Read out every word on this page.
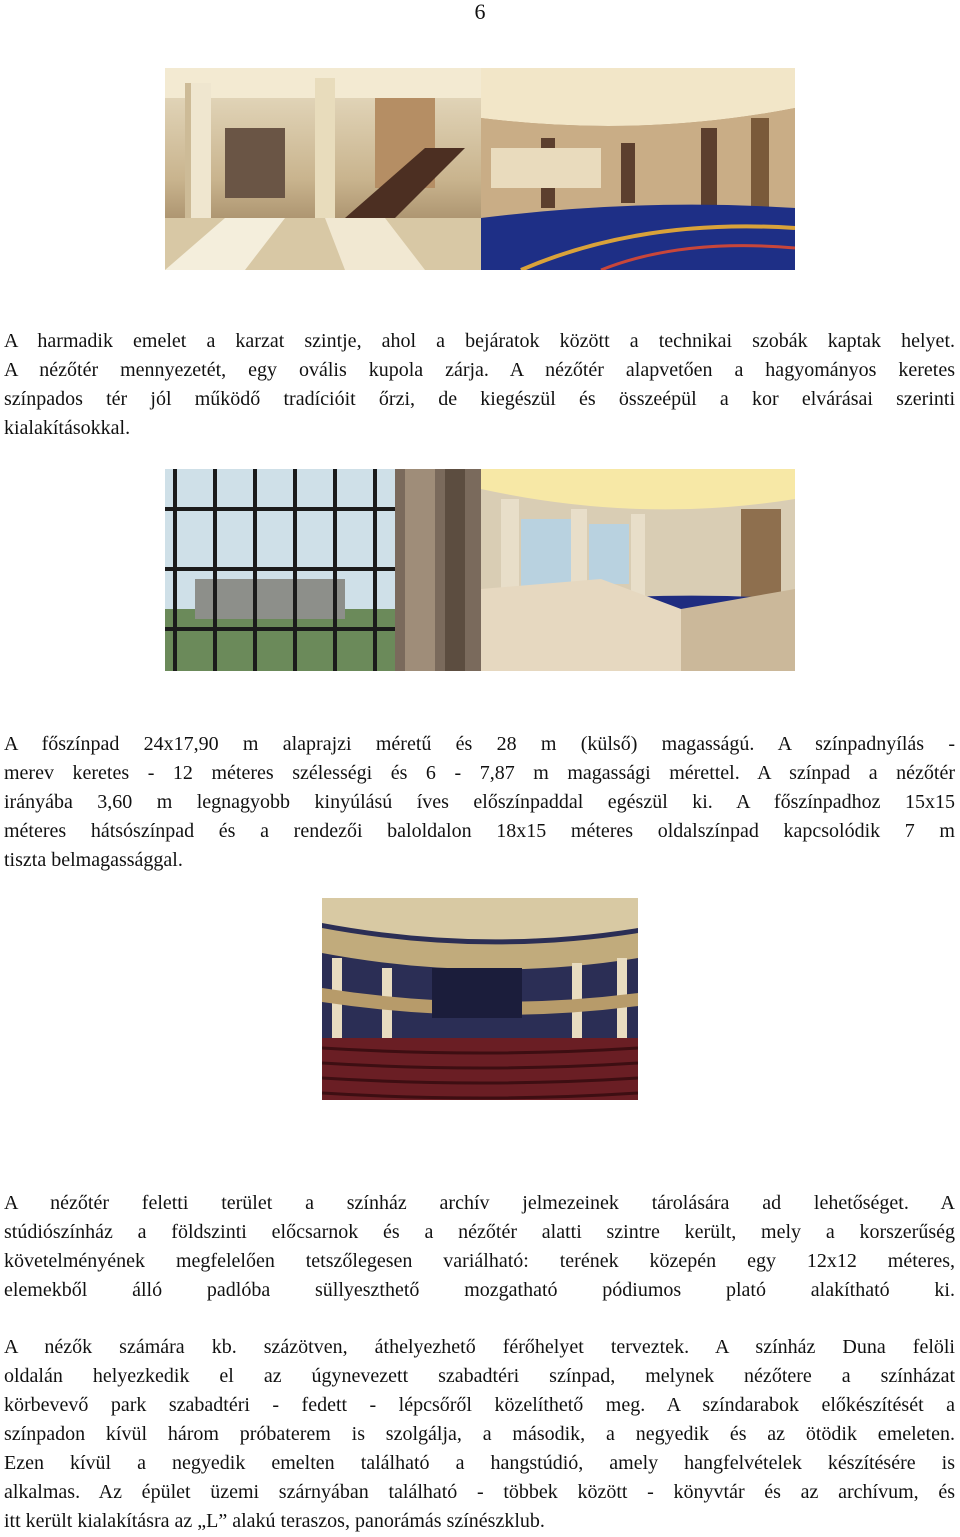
6

A harmadik emelet a karzat szintje, ahol a bejáratok között a technikai szobák kaptak helyet.
A nézőtér mennyezetét, egy ovális kupola zárja. A nézőtér alapvetően a hagyományos keretes
színpados tér jól működő tradícióit őrzi, de kiegészül és összeépül a kor elvárásai szerinti
kialakításokkal.

A főszínpad 24x17,90 m alaprajzi méretű és 28 m (külső) magasságú. A színpadnyílás -
merev keretes - 12 méteres szélességi és 6 - 7,87 m magassági mérettel. A színpad a nézőtér
irányába 3,60 m legnagyobb kinyúlású íves előszínpaddal egészül ki. A főszínpadhoz 15x15
méteres hátsószínpad és a rendezői baloldalon 18x15 méteres oldalszínpad kapcsolódik 7 m
tiszta belmagassággal.

A nézőtér feletti terület a színház archív jelmezeinek tárolására ad lehetőséget. A
stúdiószínház a földszinti előcsarnok és a nézőtér alatti szintre került, mely a korszerűség
követelményének megfelelően tetszőlegesen variálható: terének közepén egy 12x12 méteres,
elemekből álló padlóba süllyeszthető mozgatható pódiumos plató alakítható ki.

A nézők számára kb. százötven, áthelyezhető férőhelyet terveztek. A színház Duna felöli
oldalán helyezkedik el az úgynevezett szabadtéri színpad, melynek nézőtere a színházat
körbevevő park szabadtéri - fedett - lépcsőről közelíthető meg. A színdarabok előkészítését a
színpadon kívül három próbaterem is szolgálja, a második, a negyedik és az ötödik emeleten.
Ezen kívül a negyedik emelten található a hangstúdió, amely hangfelvételek készítésére is
alkalmas. Az épület üzemi szárnyában található - többek között - könyvtár és az archívum, és
itt került kialakításra az „L” alakú teraszos, panorámás színészklub.
